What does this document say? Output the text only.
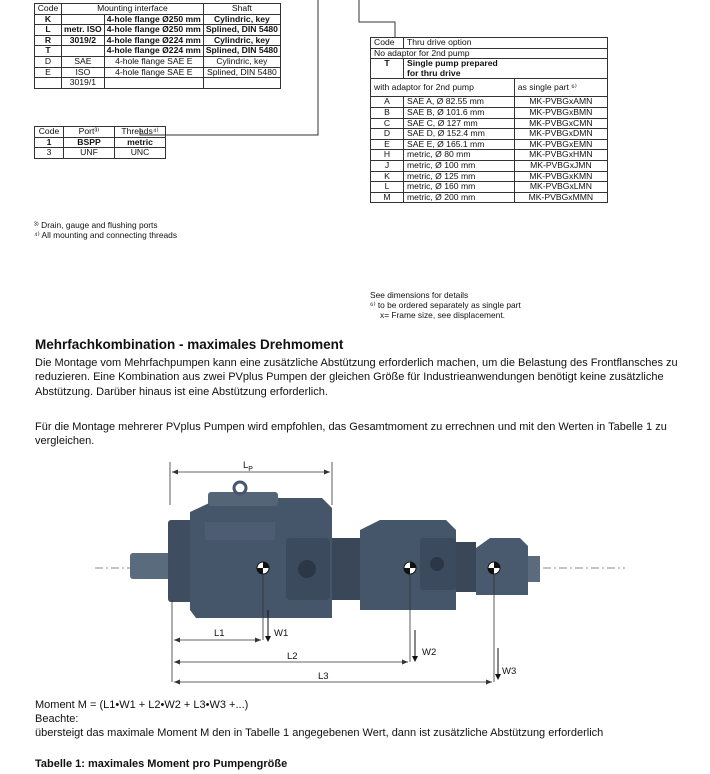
Code	Mounting interface		Shaft
K		4-hole flange Ø250 mm	Cylindric, key
L	metr. ISO	4-hole flange Ø250 mm	Splined, DIN 5480
R	3019/2	4-hole flange Ø224 mm	Cylindric, key
T		4-hole flange Ø224 mm	Splined, DIN 5480
D	SAE	4-hole flange SAE E	Cylindric, key
E	ISO	4-hole flange SAE E	Splined, DIN 5480
	3019/1		
Code	Port³⁾	Threads⁴⁾
1	BSPP	metric
3	UNF	UNC
³⁾ Drain, gauge and flushing ports
⁴⁾ All mounting and connecting threads
Code	Thru drive option	
No adaptor for 2nd pump		
T	Single pump prepared
for thru drive	

with adaptor for 2nd pump		as single part ⁶⁾
A	SAE A, Ø 82.55 mm	MK-PVBGxAMN
B	SAE B, Ø 101.6 mm	MK-PVBGxBMN
C	SAE C, Ø 127 mm	MK-PVBGxCMN
D	SAE D, Ø 152.4 mm	MK-PVBGxDMN
E	SAE E, Ø 165.1 mm	MK-PVBGxEMN
H	metric, Ø 80 mm	MK-PVBGxHMN
J	metric, Ø 100 mm	MK-PVBGxJMN
K	metric, Ø 125 mm	MK-PVBGxKMN
L	metric, Ø 160 mm	MK-PVBGxLMN
M	metric, Ø 200 mm	MK-PVBGxMMN
See dimensions for details
⁶⁾ to be ordered separately as single part
x= Frame size, see displacement.
Mehrfachkombination - maximales Drehmoment
Die Montage vom Mehrfachpumpen kann eine zusätzliche Abstützung erforderlich machen, um die Belastung des Frontflansches zu reduzieren. Eine Kombination aus zwei PVplus Pumpen der gleichen Größe für Industrieanwendungen benötigt keine zusätzliche Abstützung. Darüber hinaus ist eine Abstützung erforderlich.
Für die Montage mehrerer PVplus Pumpen wird empfohlen, das Gesamtmoment zu errechnen und mit den Werten in Tabelle 1 zu vergleichen.
$L_P$
L1	W1
L2	W2
L3	W3
Moment M = (L1•W1 + L2•W2 + L3•W3 +...)
Beachte:
übersteigt das maximale Moment M den in Tabelle 1 angegebenen Wert, dann ist zusätzliche Abstützung erforderlich
Tabelle 1: maximales Moment pro Pumpengröße
